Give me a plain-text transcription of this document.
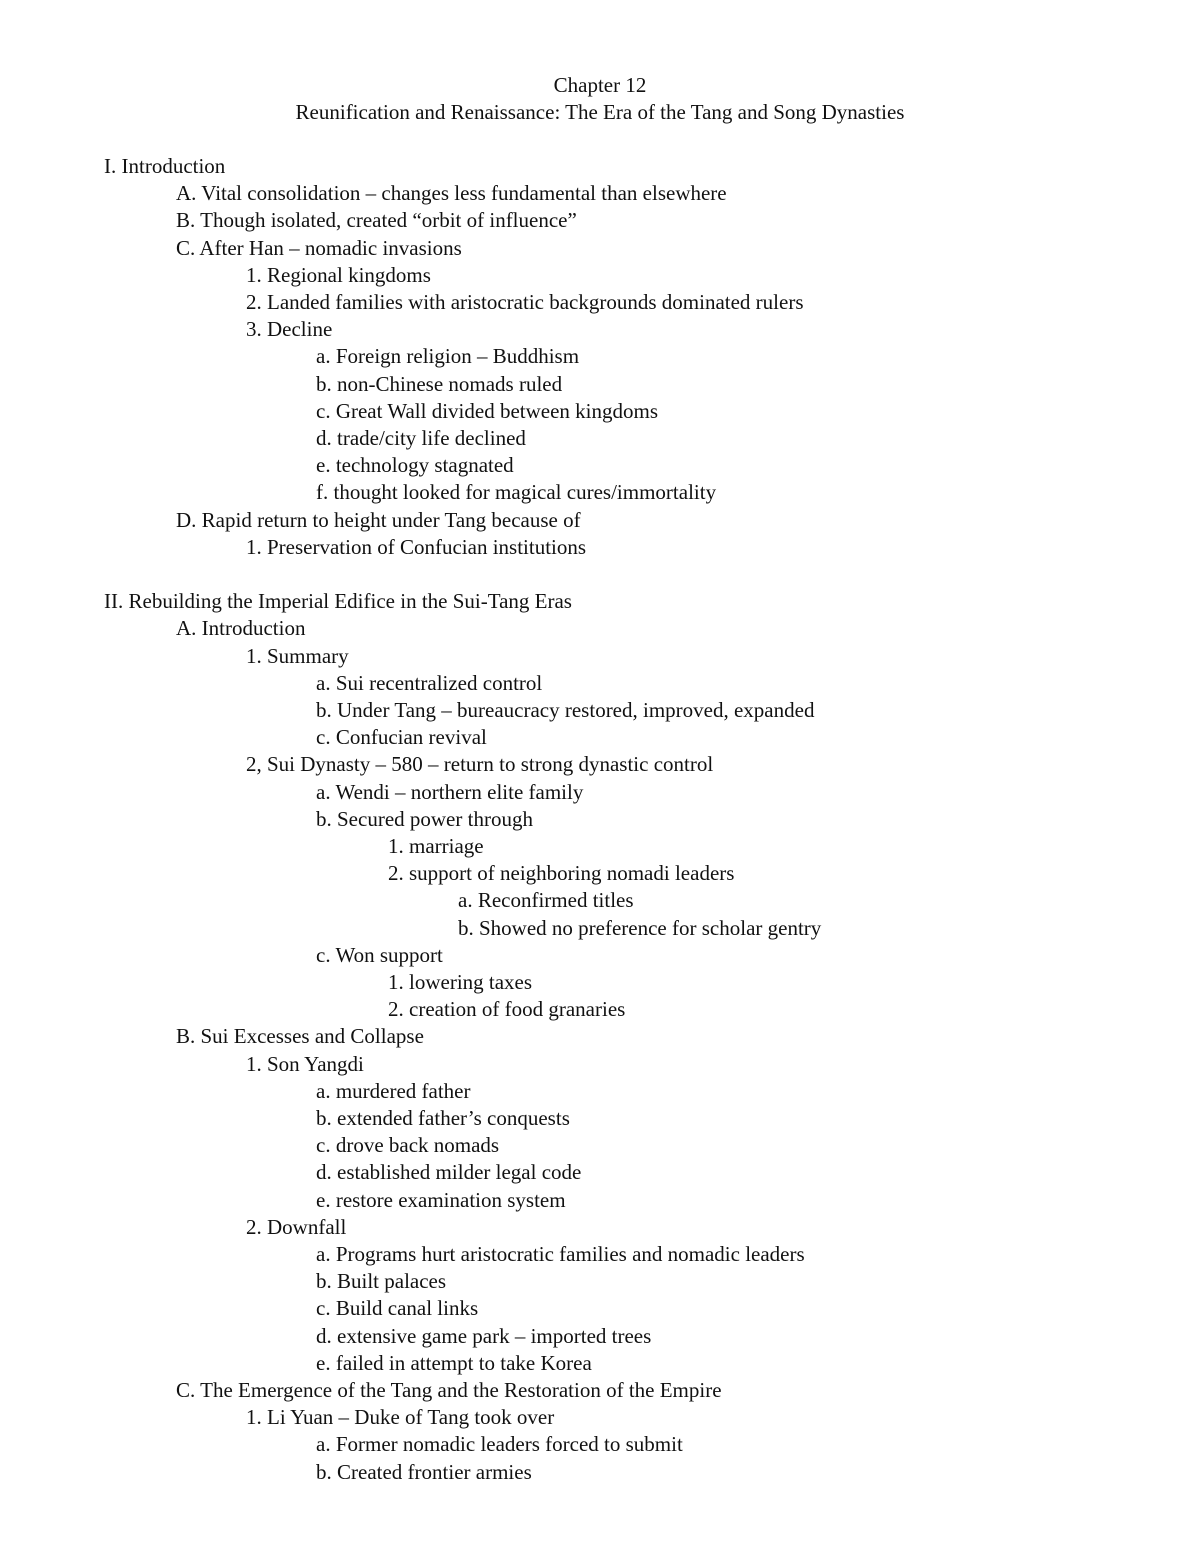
Chapter 12
Reunification and Renaissance: The Era of the Tang and Song Dynasties
I. Introduction
A. Vital consolidation – changes less fundamental than elsewhere
B. Though isolated, created “orbit of influence”
C. After Han – nomadic invasions
1. Regional kingdoms
2. Landed families with aristocratic backgrounds dominated rulers
3. Decline
a. Foreign religion – Buddhism
b. non-Chinese nomads ruled
c. Great Wall divided between kingdoms
d. trade/city life declined
e. technology stagnated
f. thought looked for magical cures/immortality
D. Rapid return to height under Tang because of
1. Preservation of Confucian institutions
II. Rebuilding the Imperial Edifice in the Sui-Tang Eras
A. Introduction
1. Summary
a. Sui recentralized control
b. Under Tang – bureaucracy restored, improved, expanded
c. Confucian revival
2, Sui Dynasty – 580 – return to strong dynastic control
a. Wendi – northern elite family
b. Secured power through
1. marriage
2. support of neighboring nomadi leaders
a. Reconfirmed titles
b. Showed no preference for scholar gentry
c. Won support
1. lowering taxes
2. creation of food granaries
B. Sui Excesses and Collapse
1. Son Yangdi
a. murdered father
b. extended father’s conquests
c. drove back nomads
d. established milder legal code
e. restore examination system
2. Downfall
a. Programs hurt aristocratic families and nomadic leaders
b. Built palaces
c. Build canal links
d. extensive game park – imported trees
e. failed in attempt to take Korea
C. The Emergence of the Tang and the Restoration of the Empire
1. Li Yuan – Duke of Tang took over
a. Former nomadic leaders forced to submit
b. Created frontier armies
